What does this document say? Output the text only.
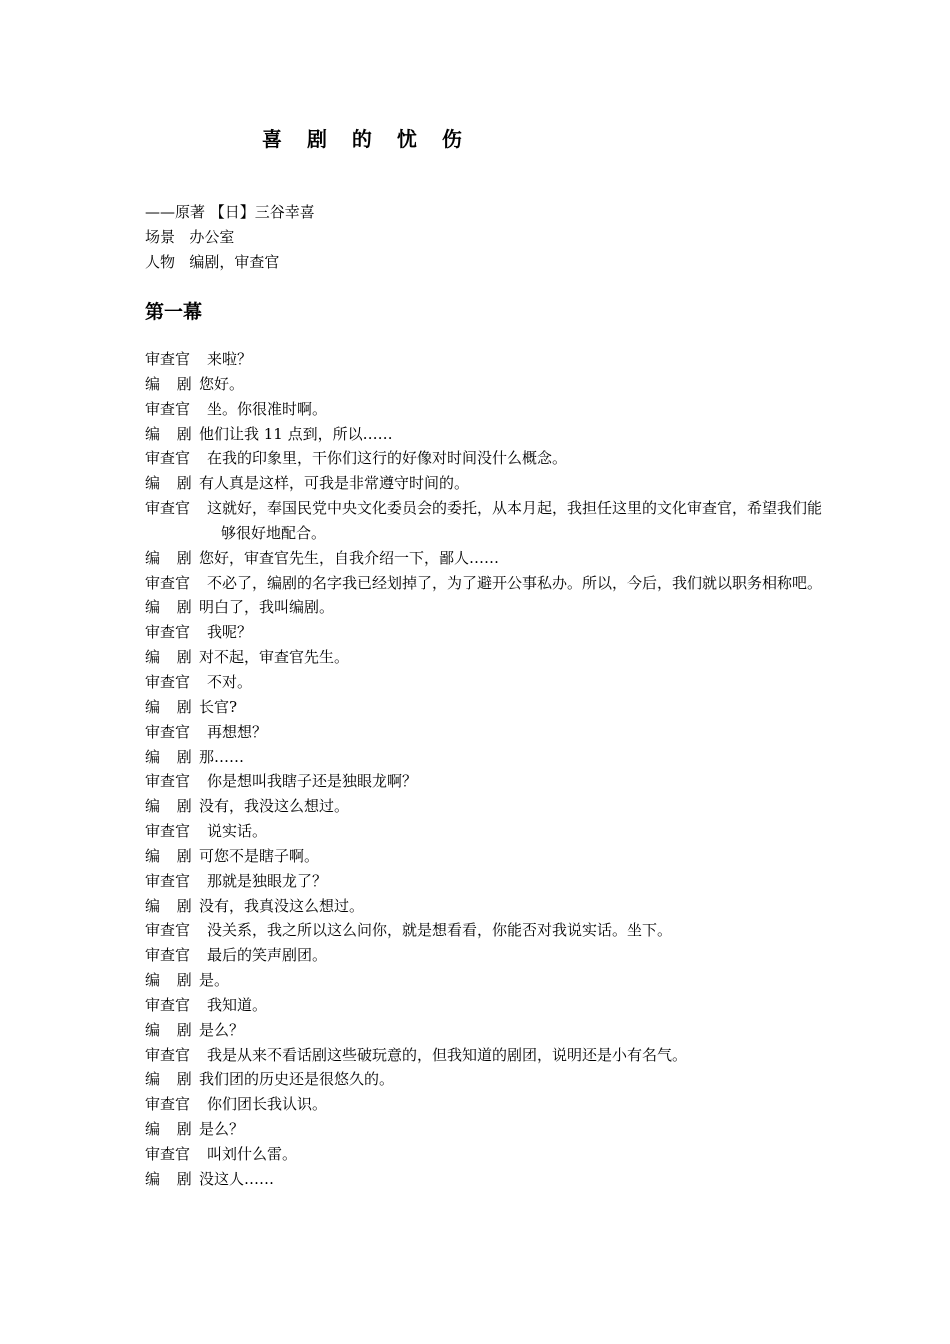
喜 剧 的 忧 伤
——原著 【日】三谷幸喜
场景 办公室
人物 编剧，审查官
第一幕
审查官 来啦？
编 剧您好。
审查官 坐。你很准时啊。
编 剧他们让我 11 点到，所以……
审查官 在我的印象里，干你们这行的好像对时间没什么概念。
编 剧有人真是这样，可我是非常遵守时间的。
审查官 这就好，奉国民党中央文化委员会的委托，从本月起，我担任这里的文化审查官，希望我们能够很好地配合。
编 剧您好，审查官先生，自我介绍一下，鄙人……
审查官 不必了，编剧的名字我已经划掉了，为了避开公事私办。所以，今后，我们就以职务相称吧。
编 剧明白了，我叫编剧。
审查官 我呢？
编 剧对不起，审查官先生。
审查官 不对。
编 剧长官?
审查官 再想想？
编 剧那……
审查官 你是想叫我瞎子还是独眼龙啊？
编 剧没有，我没这么想过。
审查官 说实话。
编 剧可您不是瞎子啊。
审查官 那就是独眼龙了？
编 剧没有，我真没这么想过。
审查官 没关系，我之所以这么问你，就是想看看，你能否对我说实话。坐下。
审查官 最后的笑声剧团。
编 剧是。
审查官 我知道。
编 剧是么？
审查官 我是从来不看话剧这些破玩意的，但我知道的剧团，说明还是小有名气。
编 剧我们团的历史还是很悠久的。
审查官 你们团长我认识。
编 剧是么？
审查官 叫刘什么雷。
编 剧没这人……
